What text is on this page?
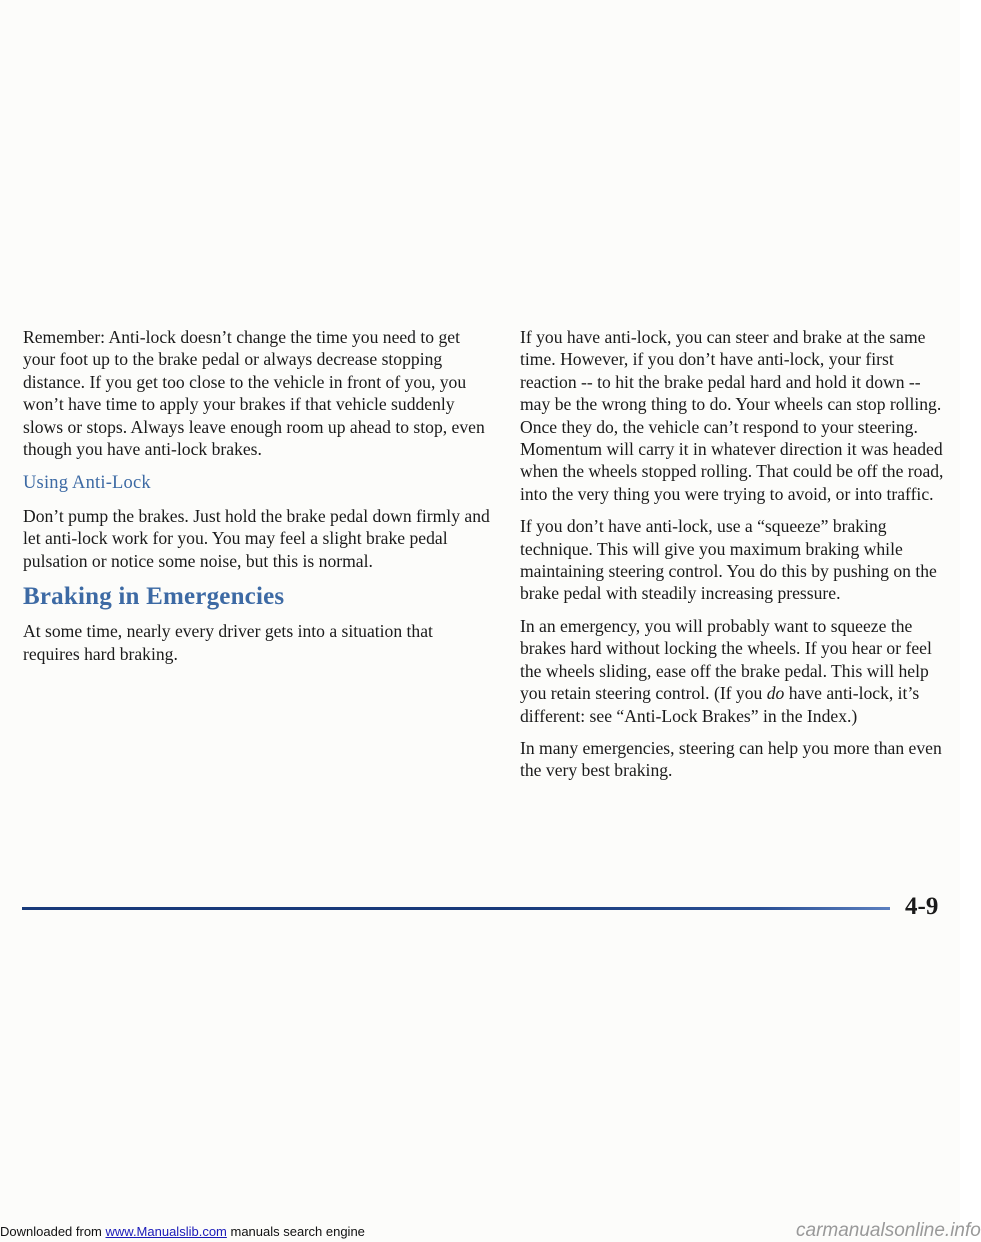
Remember: Anti-lock doesn’t change the time you need to get your foot up to the brake pedal or always decrease stopping distance. If you get too close to the vehicle in front of you, you won’t have time to apply your brakes if that vehicle suddenly slows or stops. Always leave enough room up ahead to stop, even though you have anti-lock brakes.

Using Anti-Lock

Don’t pump the brakes. Just hold the brake pedal down firmly and let anti-lock work for you. You may feel a slight brake pedal pulsation or notice some noise, but this is normal.

Braking in Emergencies

At some time, nearly every driver gets into a situation that requires hard braking.

If you have anti-lock, you can steer and brake at the same time. However, if you don’t have anti-lock, your first reaction -- to hit the brake pedal hard and hold it down -- may be the wrong thing to do. Your wheels can stop rolling. Once they do, the vehicle can’t respond to your steering. Momentum will carry it in whatever direction it was headed when the wheels stopped rolling. That could be off the road, into the very thing you were trying to avoid, or into traffic.

If you don’t have anti-lock, use a “squeeze” braking technique. This will give you maximum braking while maintaining steering control. You do this by pushing on the brake pedal with steadily increasing pressure.

In an emergency, you will probably want to squeeze the brakes hard without locking the wheels. If you hear or feel the wheels sliding, ease off the brake pedal. This will help you retain steering control. (If you do have anti-lock, it’s different: see “Anti-Lock Brakes” in the Index.)

In many emergencies, steering can help you more than even the very best braking.

4-9
Downloaded from www.Manualslib.com manuals search engine	carmanualsonline.info
